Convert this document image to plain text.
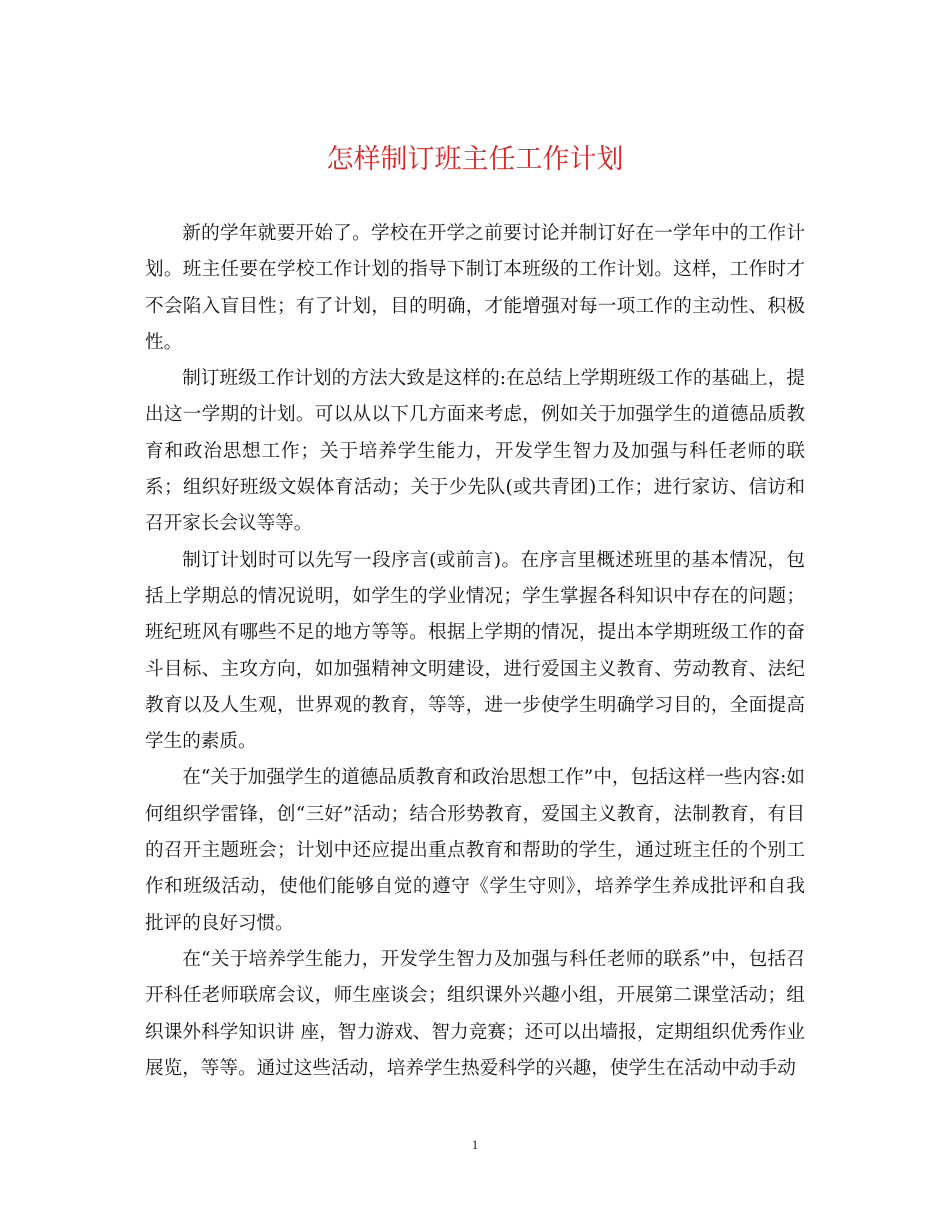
怎样制订班主任工作计划

新的学年就要开始了。学校在开学之前要讨论并制订好在一学年中的工作计划。班主任要在学校工作计划的指导下制订本班级的工作计划。这样，工作时才不会陷入盲目性；有了计划，目的明确，才能增强对每一项工作的主动性、积极性。

制订班级工作计划的方法大致是这样的:在总结上学期班级工作的基础上，提出这一学期的计划。可以从以下几方面来考虑，例如关于加强学生的道德品质教育和政治思想工作；关于培养学生能力，开发学生智力及加强与科任老师的联系；组织好班级文娱体育活动；关于少先队(或共青团)工作；进行家访、信访和召开家长会议等等。

制订计划时可以先写一段序言(或前言)。在序言里概述班里的基本情况，包括上学期总的情况说明，如学生的学业情况；学生掌握各科知识中存在的问题；班纪班风有哪些不足的地方等等。根据上学期的情况，提出本学期班级工作的奋斗目标、主攻方向，如加强精神文明建设，进行爱国主义教育、劳动教育、法纪教育以及人生观，世界观的教育，等等，进一步使学生明确学习目的，全面提高学生的素质。

在“关于加强学生的道德品质教育和政治思想工作”中，包括这样一些内容:如何组织学雷锋，创“三好”活动；结合形势教育，爱国主义教育，法制教育，有目的召开主题班会；计划中还应提出重点教育和帮助的学生，通过班主任的个别工作和班级活动，使他们能够自觉的遵守《学生守则》，培养学生养成批评和自我批评的良好习惯。

在“关于培养学生能力，开发学生智力及加强与科任老师的联系”中，包括召开科任老师联席会议，师生座谈会；组织课外兴趣小组，开展第二课堂活动；组织课外科学知识讲 座，智力游戏、智力竞赛；还可以出墙报，定期组织优秀作业展览，等等。通过这些活动，培养学生热爱科学的兴趣，使学生在活动中动手动

1
